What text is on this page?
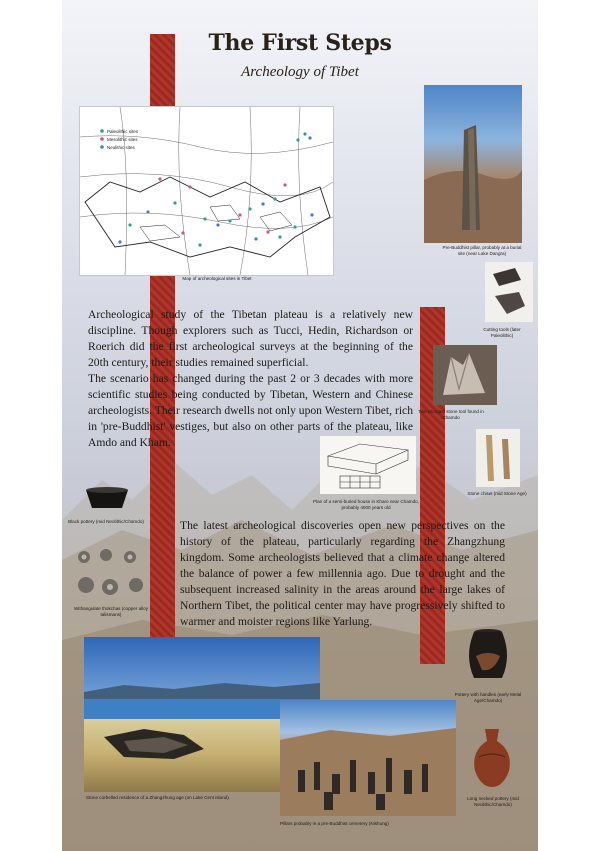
The First Steps
Archeology of Tibet
Paleolithic sites
Mesolithic sites
Neolithic sites
Map of archeological sites in Tibet
Pre-Buddhist pillar, probably at a burial site (near Lake Dangra)
Cutting tools (later Paleolithic)
Two-pronged stone tool found in Chamdo
Plan of a semi-buried house in Kharo near Chamdo, probably 4000 years old
Stone chisel (mid Stone Age)

Archeological study of the Tibetan plateau is a relatively new discipline. Though explorers such as Tucci, Hedin, Richardson or Roerich did the first archeological surveys at the beginning of the 20th century, their studies remained superficial.

The scenario has changed during the past 2 or 3 decades with more scientific studies being conducted by Tibetan, Western and Chinese archeologists. Their research dwells not only upon Western Tibet, rich in 'pre-Buddhist' vestiges, but also on other parts of the plateau, like Amdo and Kham.

Black pottery (mid Neolithic/Chamdo)	The latest archeological discoveries open new perspectives on the history of the plateau, particularly regarding the Zhangzhung kingdom. Some archeologists believed that a climate change altered the balance of power a few millennia ago. Due to drought and the subsequent increased salinity in the areas around the large lakes of Northern Tibet, the political center may have progressively shifted to warmer and moister regions like Yarlung.

Withangulate thokchas (copper alloy talismans)
Pottery with handles (early Metal Age/Chamdo)
Stone corbelled residence of a Zhangzhung age (on Lake Cent island)
Pillars probably in a pre-Buddhist cemetery (Nishung)
Long necked pottery (mid Neolithic/Chamdo)
